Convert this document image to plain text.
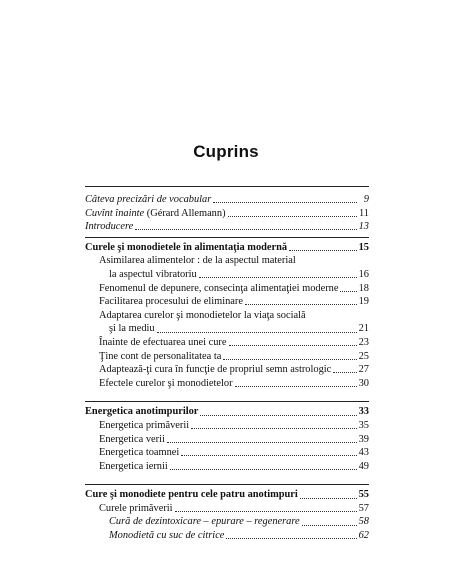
Cuprins
Câteva precizări de vocabular	9
Cuvînt înainte (Gérard Allemann)	11
Introducere	13
Curele şi monodietele în alimentaţia modernă	15
Asimilarea alimentelor : de la aspectul material
la aspectul vibratoriu	16
Fenomenul de depunere, consecinţa alimentaţiei moderne 18
Facilitarea procesului de eliminare	19
Adaptarea curelor şi monodietelor la viaţa socială
şi la mediu	21
Înainte de efectuarea unei cure	23
Ţine cont de personalitatea ta	25
Adaptează-ţi cura în funcţie de propriul semn astrologic	27
Efectele curelor şi monodietelor	30
Energetica anotimpurilor	33
Energetica primăverii	35
Energetica verii	39
Energetica toamnei	43
Energetica iernii	49
Cure şi monodiete pentru cele patru anotimpuri	55
Curele primăverii	57
Cură de dezintoxicare – epurare – regenerare	58
Monodietă cu suc de citrice	62
